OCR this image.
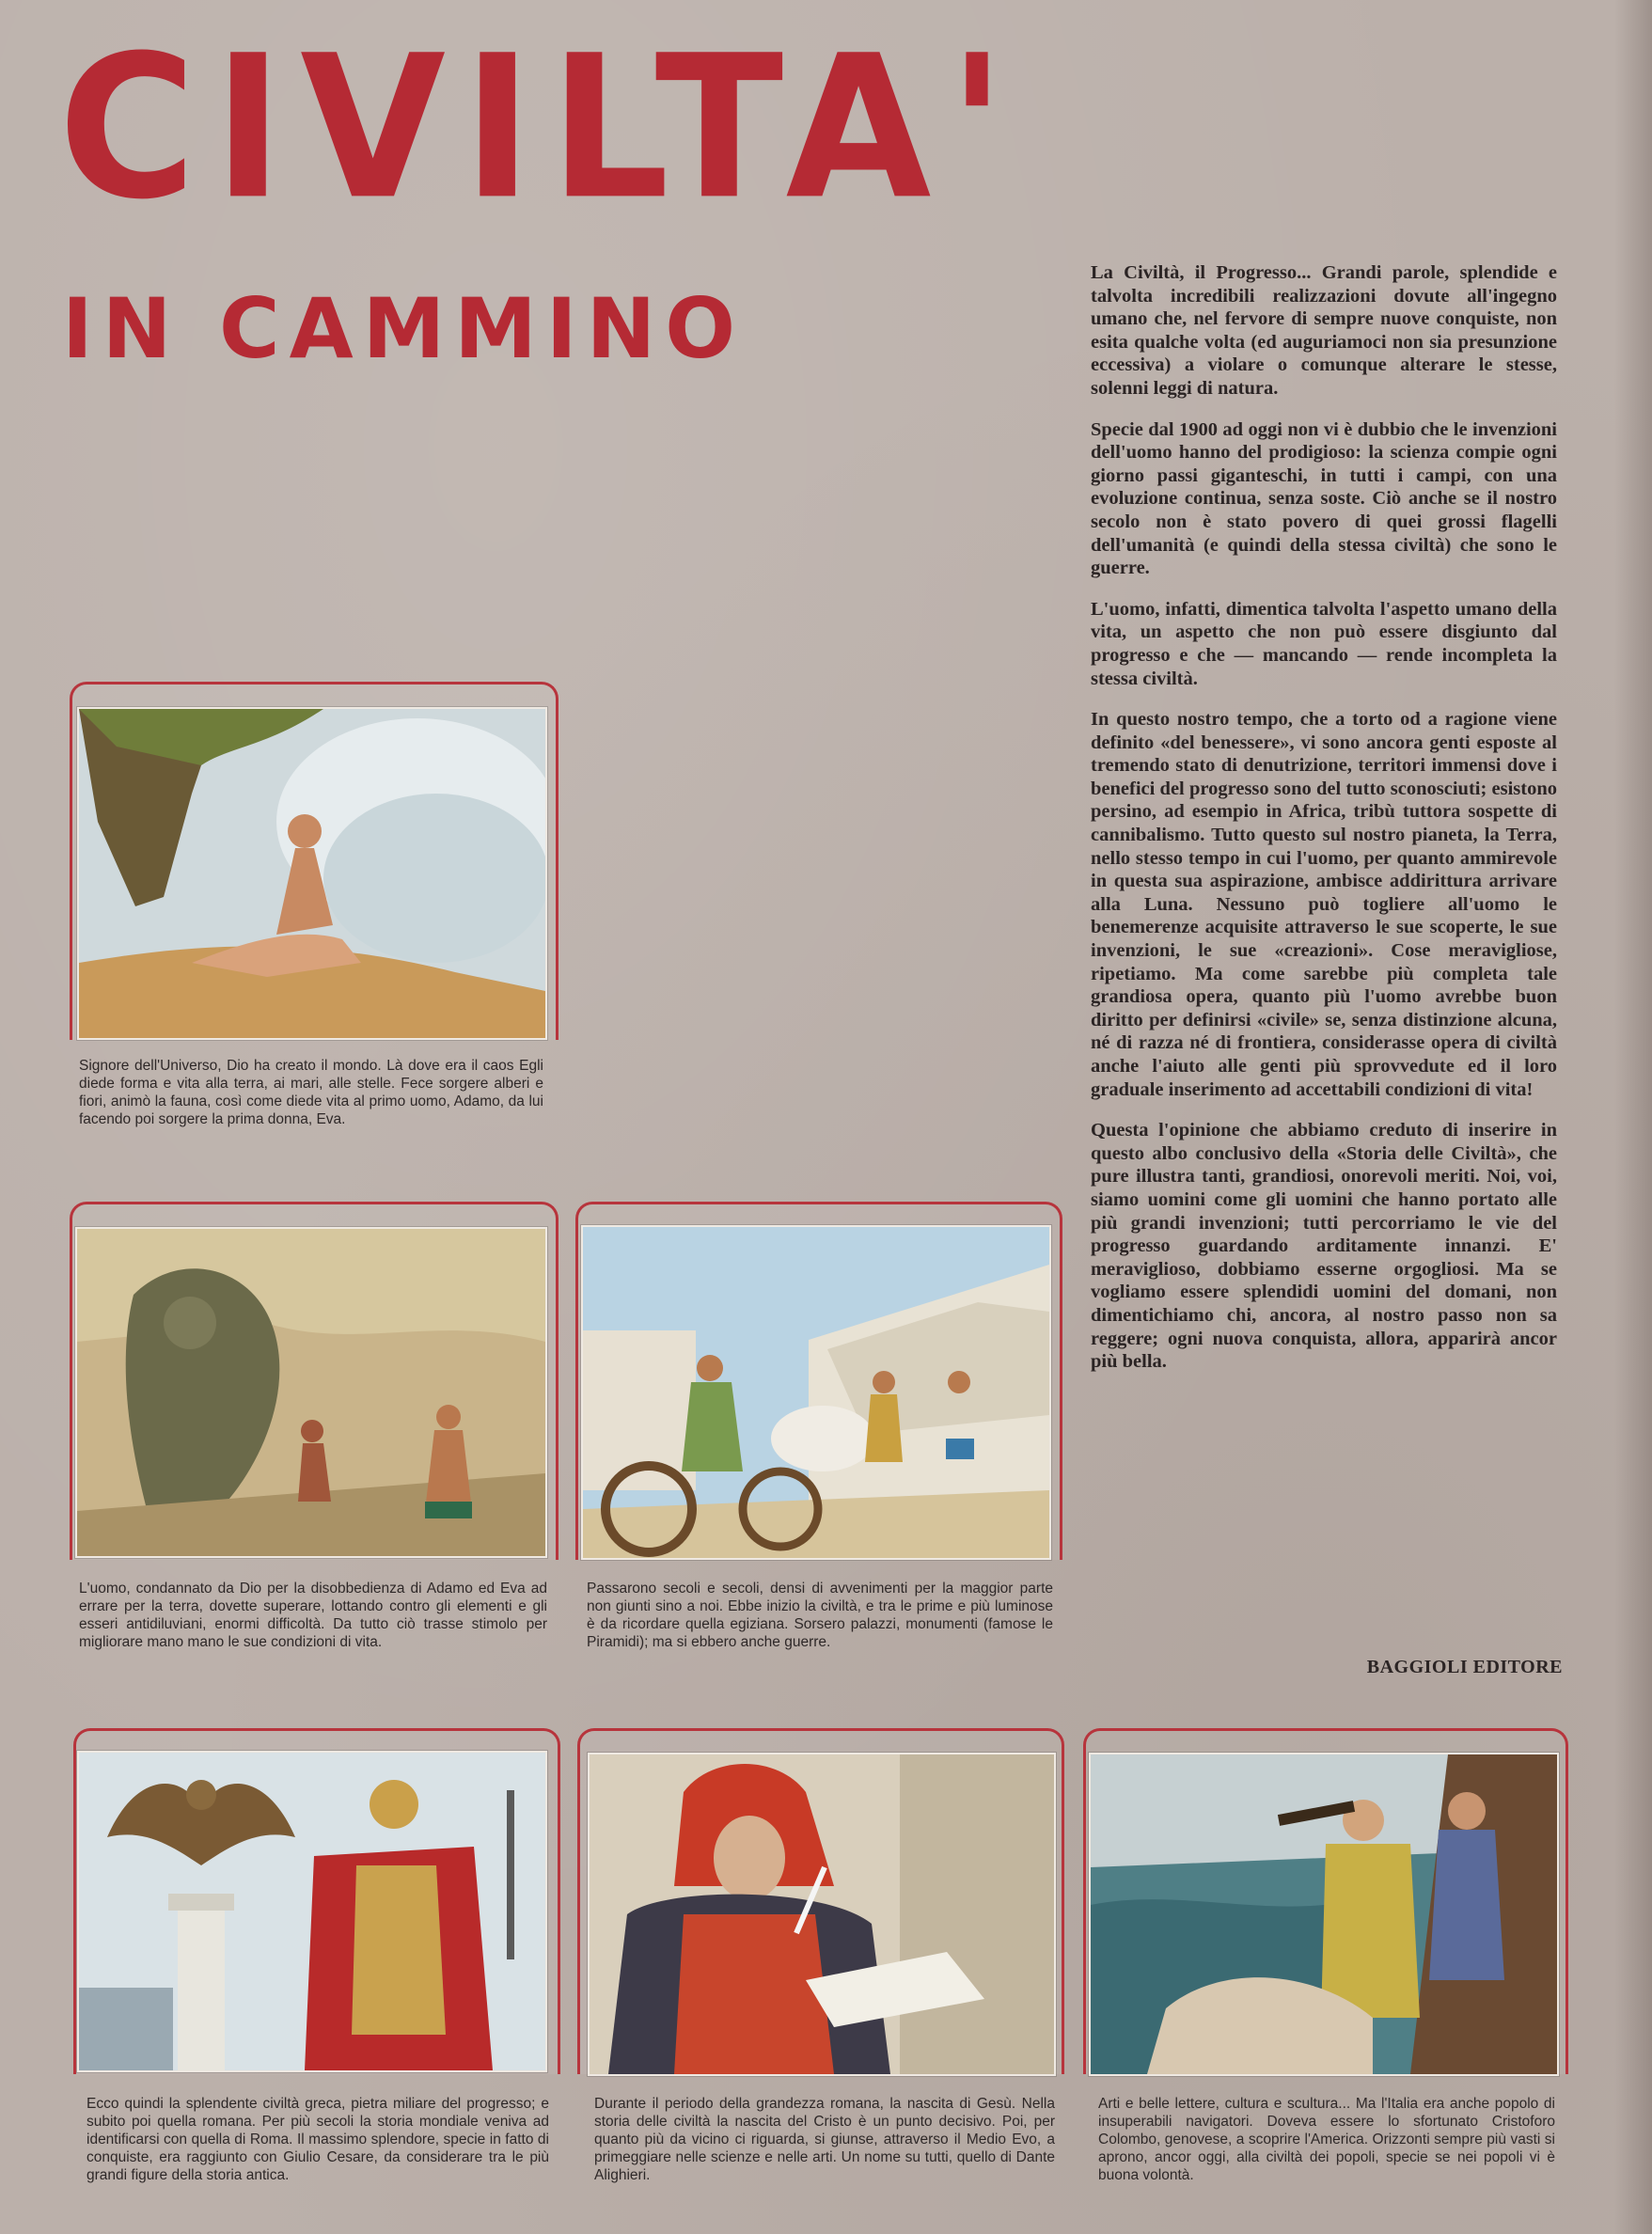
CIVILTA'
IN CAMMINO

La Civiltà, il Progresso... Grandi parole, splendide e talvolta incredibili realizzazioni dovute all'ingegno umano che, nel fervore di sempre nuove conquiste, non esita qualche volta (ed auguriamoci non sia presunzione eccessiva) a violare o comunque alterare le stesse, solenni leggi di natura.

Specie dal 1900 ad oggi non vi è dubbio che le invenzioni dell'uomo hanno del prodigioso: la scienza compie ogni giorno passi giganteschi, in tutti i campi, con una evoluzione continua, senza soste. Ciò anche se il nostro secolo non è stato povero di quei grossi flagelli dell'umanità (e quindi della stessa civiltà) che sono le guerre.

L'uomo, infatti, dimentica talvolta l'aspetto umano della vita, un aspetto che non può essere disgiunto dal progresso e che — mancando — rende incompleta la stessa civiltà.

In questo nostro tempo, che a torto od a ragione viene definito «del benessere», vi sono ancora genti esposte al tremendo stato di denutrizione, territori immensi dove i benefici del progresso sono del tutto sconosciuti; esistono persino, ad esempio in Africa, tribù tuttora sospette di cannibalismo. Tutto questo sul nostro pianeta, la Terra, nello stesso tempo in cui l'uomo, per quanto ammirevole in questa sua aspirazione, ambisce addirittura arrivare alla Luna. Nessuno può togliere all'uomo le benemerenze acquisite attraverso le sue scoperte, le sue invenzioni, le sue «creazioni». Cose meravigliose, ripetiamo. Ma come sarebbe più completa tale grandiosa opera, quanto più l'uomo avrebbe buon diritto per definirsi «civile» se, senza distinzione alcuna, né di razza né di frontiera, considerasse opera di civiltà anche l'aiuto alle genti più sprovvedute ed il loro graduale inserimento ad accettabili condizioni di vita!

Questa l'opinione che abbiamo creduto di inserire in questo albo conclusivo della «Storia delle Civiltà», che pure illustra tanti, grandiosi, onorevoli meriti. Noi, voi, siamo uomini come gli uomini che hanno portato alle più grandi invenzioni; tutti percorriamo le vie del progresso guardando arditamente innanzi. E' meraviglioso, dobbiamo esserne orgogliosi. Ma se vogliamo essere splendidi uomini del domani, non dimentichiamo chi, ancora, al nostro passo non sa reggere; ogni nuova conquista, allora, apparirà ancor più bella.

BAGGIOLI EDITORE
Signore dell'Universo, Dio ha creato il mondo. Là dove era il caos Egli diede forma e vita alla terra, ai mari, alle stelle. Fece sorgere alberi e fiori, animò la fauna, così come diede vita al primo uomo, Adamo, da lui facendo poi sorgere la prima donna, Eva.
L'uomo, condannato da Dio per la disobbedienza di Adamo ed Eva ad errare per la terra, dovette superare, lottando contro gli elementi e gli esseri antidiluviani, enormi difficoltà. Da tutto ciò trasse stimolo per migliorare mano mano le sue condizioni di vita.
Passarono secoli e secoli, densi di avvenimenti per la maggior parte non giunti sino a noi. Ebbe inizio la civiltà, e tra le prime e più luminose è da ricordare quella egiziana. Sorsero palazzi, monumenti (famose le Piramidi); ma si ebbero anche guerre.
Ecco quindi la splendente civiltà greca, pietra miliare del progresso; e subito poi quella romana. Per più secoli la storia mondiale veniva ad identificarsi con quella di Roma. Il massimo splendore, specie in fatto di conquiste, era raggiunto con Giulio Cesare, da considerare tra le più grandi figure della storia antica.
Durante il periodo della grandezza romana, la nascita di Gesù. Nella storia delle civiltà la nascita del Cristo è un punto decisivo. Poi, per quanto più da vicino ci riguarda, si giunse, attraverso il Medio Evo, a primeggiare nelle scienze e nelle arti. Un nome su tutti, quello di Dante Alighieri.
Arti e belle lettere, cultura e scultura... Ma l'Italia era anche popolo di insuperabili navigatori. Doveva essere lo sfortunato Cristoforo Colombo, genovese, a scoprire l'America. Orizzonti sempre più vasti si aprono, ancor oggi, alla civiltà dei popoli, specie se nei popoli vi è buona volontà.
